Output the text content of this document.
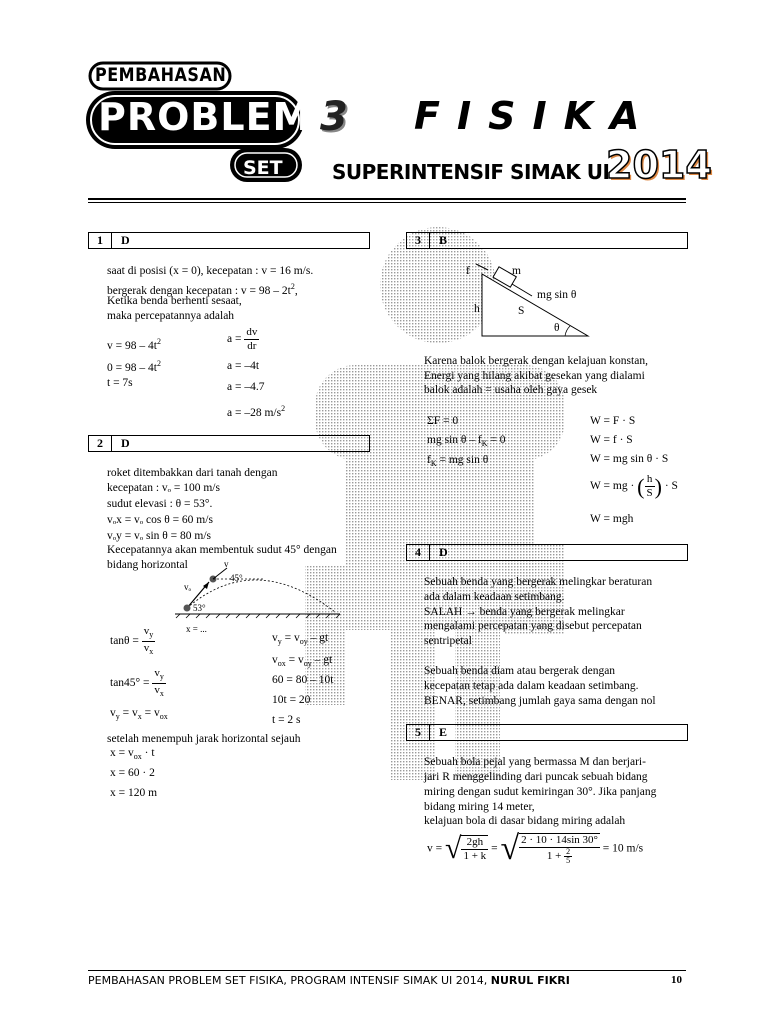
PEMBAHASAN
PROBLEM
SET
3 FISIKA
SUPERINTENSIF SIMAK UI
2014
1	D
saat di posisi (x = 0), kecepatan : v = 16 m/s.
bergerak dengan kecepatan : $v = 98 - 2t^2$,
Ketika benda berhenti sesaat,
maka percepatannya adalah
$v = 98 - 4t^2$
$0 = 98 - 4t^2$
t = 7s
$a = \frac{dv}{dr}$
a = –4t
a = –4.7
a = –28 $m/s^2$
2	D
roket ditembakkan dari tanah dengan
kecepatan : vₒ = 100 m/s
sudut elevasi : θ = 53°.
vₒx = vₒ cos θ = 60 m/s
vₒy = vₒ sin θ = 80 m/s
Kecepatannya akan membentuk sudut 45° dengan
bidang horizontal	v
vₒ
45°
53°
x = ...
$\tan\theta = \frac{v_y}{v_x}$
$\tan 45^\circ = \frac{v_y}{v_x}$
$v_y = v_x = v_{ox}$
$v_y = v_{oy}$ – gt
$v_{ox} = v_{oy}$ – gt
60 = 80 – 10t
10t = 20
t = 2 s
setelah menempuh jarak horizontal sejauh
$x = v_{ox} \cdot t$
x = 60 · 2
x = 120 m
3	B
f	m
mg sin θ
h	S
θ
Karena balok bergerak dengan kelajuan konstan,
Energi yang hilang akibat gesekan yang dialami
balok adalah = usaha oleh gaya gesek
ΣF = 0
mg $\sin \theta - f_K = 0$
$f_K$ = mg sin θ
W = F · S
W = f · S
W = mg sin θ · S
W = mg · ( $\frac{h}{S}$ ) · S
W = mgh
4	D
Sebuah benda yang bergerak melingkar beraturan
ada dalam keadaan setimbang.
SALAH → benda yang bergerak melingkar
mengalami percepatan yang disebut percepatan
sentripetal
Sebuah benda diam atau bergerak dengan
kecepatan tetap ada dalam keadaan setimbang.
BENAR, setimbang jumlah gaya sama dengan nol
5	E
Sebuah bola pejal yang bermassa M dan berjari-
jari R menggelinding dari puncak sebuah bidang
miring dengan sudut kemiringan 30°. Jika panjang
bidang miring 14 meter,
kelajuan bola di dasar bidang miring adalah
v = √ $\frac{2gh}{1 + k}$ = √ $\frac{2 \cdot 10 \cdot 14\sin 30^\circ}{1 + \frac{2}{5}} = 10$ m/s
PEMBAHASAN PROBLEM SET FISIKA, PROGRAM INTENSIF SIMAK UI 2014, NURUL FIKRI	10
